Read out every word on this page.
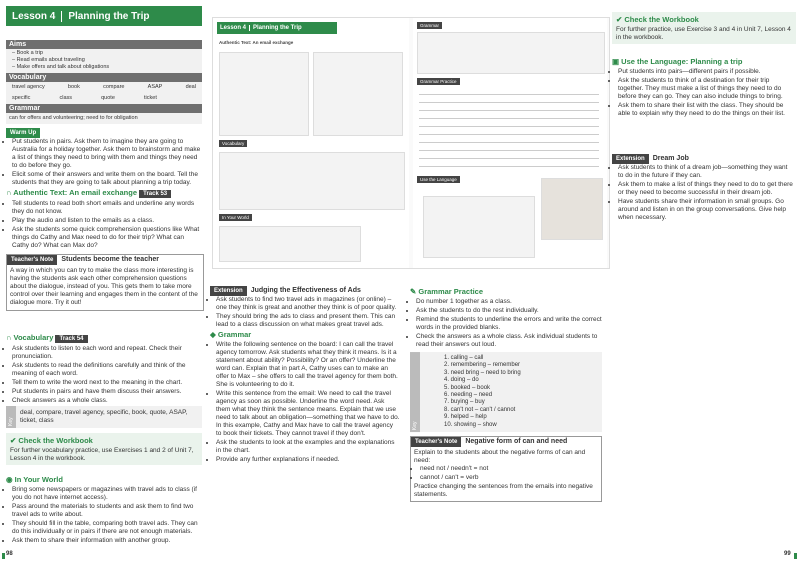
Lesson 4	Planning the Trip
Aims
– Book a trip
– Read emails about traveling
– Make offers and talk about obligations
Vocabulary
travel agency	book	compare	ASAP	deal
specific	class	quote	ticket
Grammar
can for offers and volunteering; need to for obligation
Warm Up
• Put students in pairs. Ask them to imagine they are going to Australia for a holiday together. Ask them to brainstorm and make a list of things they need to bring with them and things they need to do before they go.
• Elicit some of their answers and write them on the board. Tell the students that they are going to talk about planning a trip today.
∩ Authentic Text: An email exchange Track 53
• Tell students to read both short emails and underline any words they do not know.
• Play the audio and listen to the emails as a class.
• Ask the students some quick comprehension questions like What things do Cathy and Max need to do for their trip? What can Cathy do? What can Max do?
Teacher's Note	Students become the teacher

A way in which you can try to make the class more interesting is having the students ask each other comprehension questions about the dialogue, instead of you. This gets them to take more control over their learning and engages them in the content of the dialogue more. Try it out!

∩ Vocabulary Track 54
• Ask students to listen to each word and repeat. Check their pronunciation.
• Ask students to read the definitions carefully and think of the meaning of each word.
• Tell them to write the word next to the meaning in the chart.
• Put students in pairs and have them discuss their answers.
• Check answers as a whole class.
Key
deal, compare, travel agency, specific, book, quote, ASAP, ticket, class
✔ Check the Workbook
For further vocabulary practice, use Exercises 1 and 2 of Unit 7, Lesson 4 in the workbook.
◉ In Your World
• Bring some newspapers or magazines with travel ads to class (if you do not have internet access).
• Pass around the materials to students and ask them to find two travel ads to write about.
• They should fill in the table, comparing both travel ads. They can do this individually or in pairs if there are not enough materials.
• Ask them to share their information with another group.
98
Lesson 4	Planning the Trip
Authentic Text: An email exchange
Vocabulary
In Your World
Grammar
Grammar Practice
Use the Language
Extension	Judging the Effectiveness of Ads
• Ask students to find two travel ads in magazines (or online) – one they think is great and another they think is of poor quality.
• They should bring the ads to class and present them. This can lead to a class discussion on what makes great travel ads.
◆ Grammar
• Write the following sentence on the board: I can call the travel agency tomorrow. Ask students what they think it means. Is it a statement about ability? Possibility? Or an offer? Underline the word can. Explain that in part A, Cathy uses can to make an offer to Max – she offers to call the travel agency for them both. She is volunteering to do it.
• Write this sentence from the email: We need to call the travel agency as soon as possible. Underline the word need. Ask them what they think the sentence means. Explain that we use need to talk about an obligation—something that we have to do. In this example, Cathy and Max have to call the travel agency to book their tickets. They cannot travel if they don't.
• Ask the students to look at the examples and the explanations in the chart.
• Provide any further explanations if needed.
✎ Grammar Practice
• Do number 1 together as a class.
• Ask the students to do the rest individually.
• Remind the students to underline the errors and write the correct words in the provided blanks.
• Check the answers as a whole class. Ask individual students to read their answers out loud.
Key
1. calling – call
2. remembering – remember
3. need bring – need to bring
4. doing – do
5. booked – book
6. needing – need
7. buying – buy
8. can't not – can't / cannot
9. helped – help
10. showing – show
Teacher's Note	Negative form of can and need
Explain to the students about the negative forms of can and need:
• need not / needn't = not
• cannot / can't = verb
Practice changing the sentences from the emails into negative statements.
✔ Check the Workbook
For further practice, use Exercise 3 and 4 in Unit 7, Lesson 4 in the workbook.
▣ Use the Language: Planning a trip
• Put students into pairs—different pairs if possible.
• Ask the students to think of a destination for their trip together. They must make a list of things they need to do before they can go. They can also include things to bring.
• Ask them to share their list with the class. They should be able to explain why they need to do the things on their list.
Extension	Dream Job
• Ask students to think of a dream job—something they want to do in the future if they can.
• Ask them to make a list of things they need to do to get there or they need to become successful in their dream job.
• Have students share their information in small groups. Go around and listen in on the group conversations. Give help when necessary.
99
